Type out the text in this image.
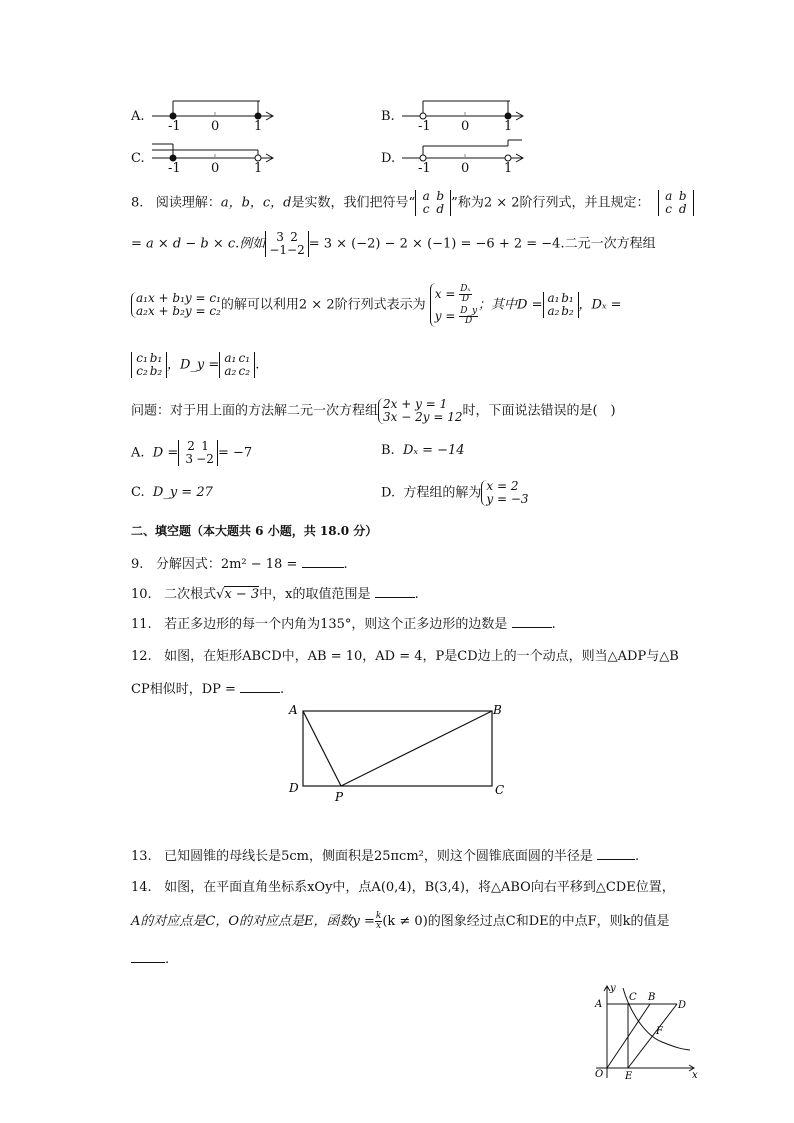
A.
-1 0	1
B.
-1 0	1
C.
-1 0	1
D.
-1 0	1
8. 阅读理解：a，b，c，d是实数，我们把符号“ a b
c d ”称为2 × 2阶行列式，并且规定： a b
c d
= a × d − b × c.例如 3 2
−1−2 = 3 × (−2) − 2 × (−1) = −6 + 2 = −4.二元一次方程组
a₁x + b₁y = c₁
a₂x + b₂y = c₂的解可以利用2 × 2阶行列式表示为 $x = \frac{\text{Dₓ}}{D}$
$y = \frac{D\_y}{D}$；其中D = a₁ b₁
a₂ b₂ ，Dₓ =
c₁ b₁
c₂ b₂ ，D_y = a₁ c₁
a₂ c₂ .
问题：对于用上面的方法解二元一次方程组 2x + y = 1
3x − 2y = 12时，下面说法错误的是(　)
A. D = 2 1
3 −2 = −7	B. Dₓ = −14
C. D_y = 27	D. 方程组的解为 x = 2
y = −3
二、填空题（本大题共 6 小题，共 18.0 分）
9. 分解因式：2m² − 18 =	.
10. 二次根式√x − 3中，x的取值范围是	.
11. 若正多边形的每一个内角为135°，则这个正多边形的边数是	.
12. 如图，在矩形ABCD中，AB = 10，AD = 4，P是CD边上的一个动点，则当△ADP与△B
CP相似时，DP =	.
A	B
C
D
P
13. 已知圆锥的母线长是5cm，侧面积是25πcm²，则这个圆锥底面圆的半径是	.
14. 如图，在平面直角坐标系xOy中，点A(0,4)，B(3,4)，将△ABO向右平移到△CDE位置，
A的对应点是C，O的对应点是E，函数$y = \frac{k}{x}(k \ne 0)$的图象经过点C和DE的中点F，则k的值是
.
y
x
A
C B
D
F
O E
